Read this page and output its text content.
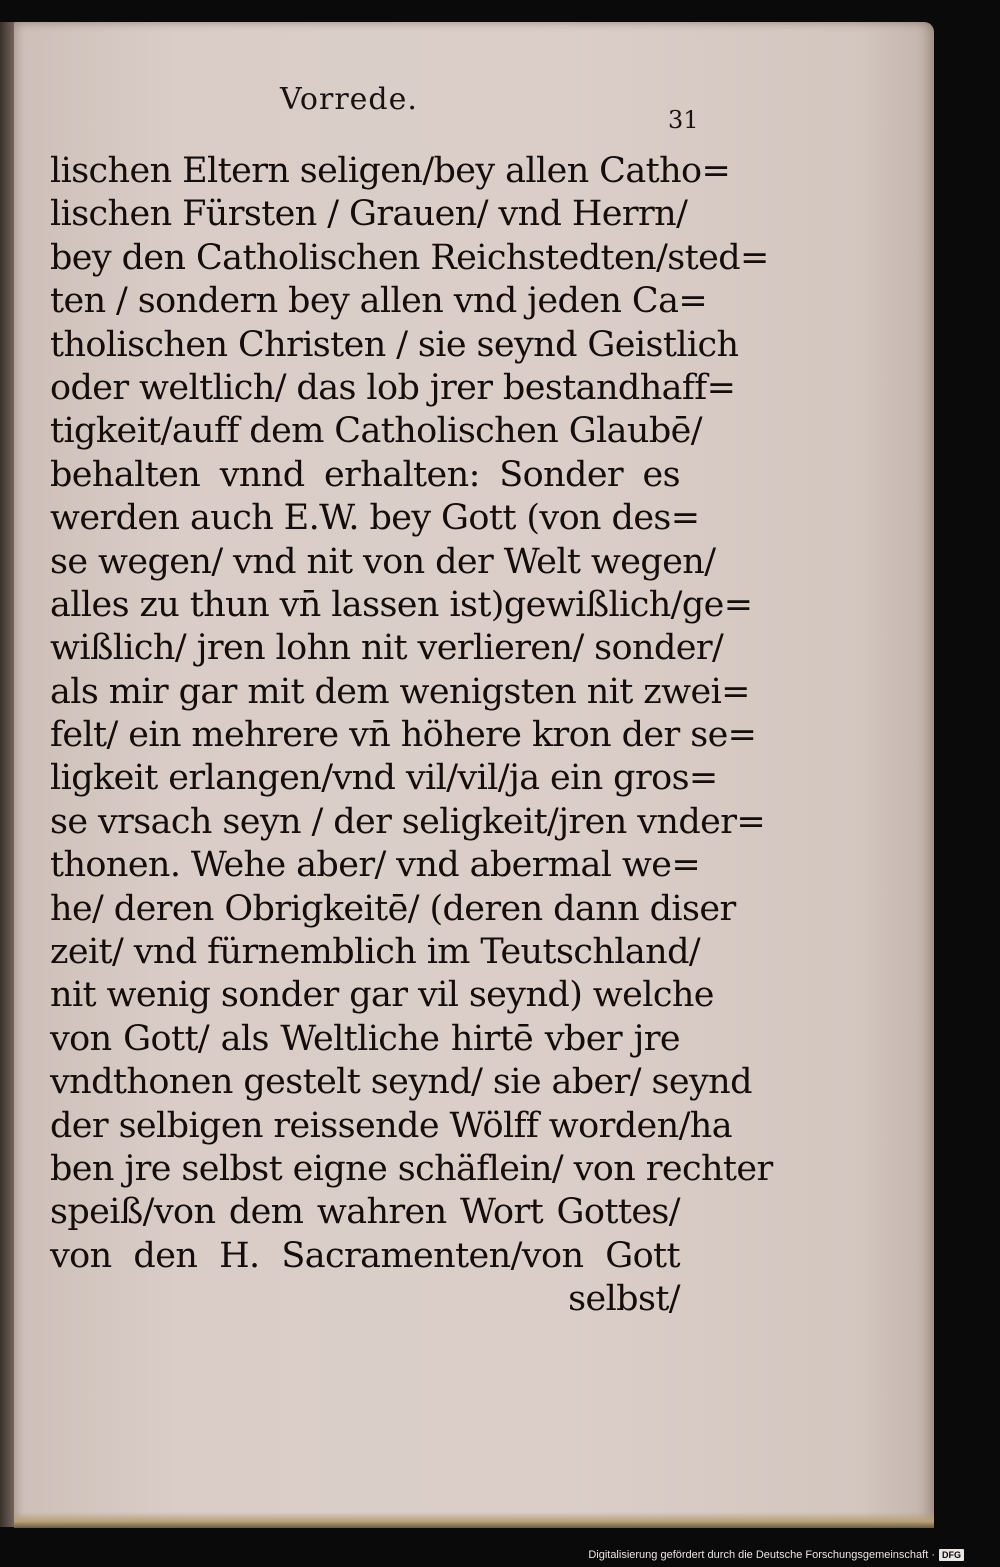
Vorrede.
31
lischen Eltern seligen/bey allen Catho=
lischen Fürsten / Grauen/ vnd Herrn/
bey den Catholischen Reichstedten/sted=
ten / sondern bey allen vnd jeden Ca=
tholischen Christen / sie seynd Geistlich
oder weltlich/ das lob jrer bestandhaff=
tigkeit/auff dem Catholischen Glaubē/
behalten vnnd erhalten: Sonder es
werden auch E.W. bey Gott (von des=
se wegen/ vnd nit von der Welt wegen/
alles zu thun vn̄ lassen ist)gewißlich/ge=
wißlich/ jren lohn nit verlieren/ sonder/
als mir gar mit dem wenigsten nit zwei=
felt/ ein mehrere vn̄ höhere kron der se=
ligkeit erlangen/vnd vil/vil/ja ein gros=
se vrsach seyn / der seligkeit/jren vnder=
thonen. Wehe aber/ vnd abermal we=
he/ deren Obrigkeitē/ (deren dann diser
zeit/ vnd fürnemblich im Teutschland/
nit wenig sonder gar vil seynd) welche
von Gott/ als Weltliche hirtē vber jre
vndthonen gestelt seynd/ sie aber/ seynd
der selbigen reissende Wölff worden/ha
ben jre selbst eigne schäflein/ von rechter
speiß/von dem wahren Wort Gottes/
von den H. Sacramenten/von Gott
selbst/
Digitalisierung gefördert durch die Deutsche Forschungsgemeinschaft · DFG
